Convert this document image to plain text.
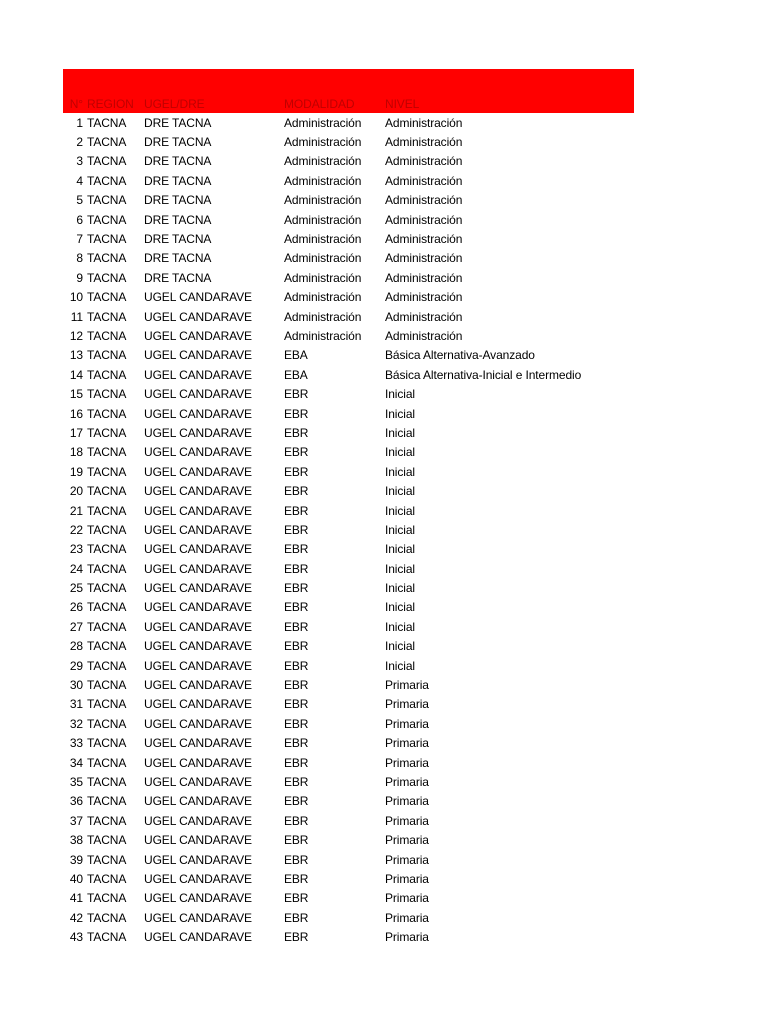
N° REGION UGEL/DRE	MODALIDAD	NIVEL
1 TACNA	DRE TACNA	Administración	Administración
2 TACNA	DRE TACNA	Administración	Administración
3 TACNA	DRE TACNA	Administración	Administración
4 TACNA	DRE TACNA	Administración	Administración
5 TACNA	DRE TACNA	Administración	Administración
6 TACNA	DRE TACNA	Administración	Administración
7 TACNA	DRE TACNA	Administración	Administración
8 TACNA	DRE TACNA	Administración	Administración
9 TACNA	DRE TACNA	Administración	Administración
10 TACNA	UGEL CANDARAVE	Administración	Administración
11 TACNA	UGEL CANDARAVE	Administración	Administración
12 TACNA	UGEL CANDARAVE	Administración	Administración
13 TACNA	UGEL CANDARAVE	EBA	Básica Alternativa-Avanzado
14 TACNA	UGEL CANDARAVE	EBA	Básica Alternativa-Inicial e Intermedio
15 TACNA	UGEL CANDARAVE	EBR	Inicial
16 TACNA	UGEL CANDARAVE	EBR	Inicial
17 TACNA	UGEL CANDARAVE	EBR	Inicial
18 TACNA	UGEL CANDARAVE	EBR	Inicial
19 TACNA	UGEL CANDARAVE	EBR	Inicial
20 TACNA	UGEL CANDARAVE	EBR	Inicial
21 TACNA	UGEL CANDARAVE	EBR	Inicial
22 TACNA	UGEL CANDARAVE	EBR	Inicial
23 TACNA	UGEL CANDARAVE	EBR	Inicial
24 TACNA	UGEL CANDARAVE	EBR	Inicial
25 TACNA	UGEL CANDARAVE	EBR	Inicial
26 TACNA	UGEL CANDARAVE	EBR	Inicial
27 TACNA	UGEL CANDARAVE	EBR	Inicial
28 TACNA	UGEL CANDARAVE	EBR	Inicial
29 TACNA	UGEL CANDARAVE	EBR	Inicial
30 TACNA	UGEL CANDARAVE	EBR	Primaria
31 TACNA	UGEL CANDARAVE	EBR	Primaria
32 TACNA	UGEL CANDARAVE	EBR	Primaria
33 TACNA	UGEL CANDARAVE	EBR	Primaria
34 TACNA	UGEL CANDARAVE	EBR	Primaria
35 TACNA	UGEL CANDARAVE	EBR	Primaria
36 TACNA	UGEL CANDARAVE	EBR	Primaria
37 TACNA	UGEL CANDARAVE	EBR	Primaria
38 TACNA	UGEL CANDARAVE	EBR	Primaria
39 TACNA	UGEL CANDARAVE	EBR	Primaria
40 TACNA	UGEL CANDARAVE	EBR	Primaria
41 TACNA	UGEL CANDARAVE	EBR	Primaria
42 TACNA	UGEL CANDARAVE	EBR	Primaria
43 TACNA	UGEL CANDARAVE	EBR	Primaria
